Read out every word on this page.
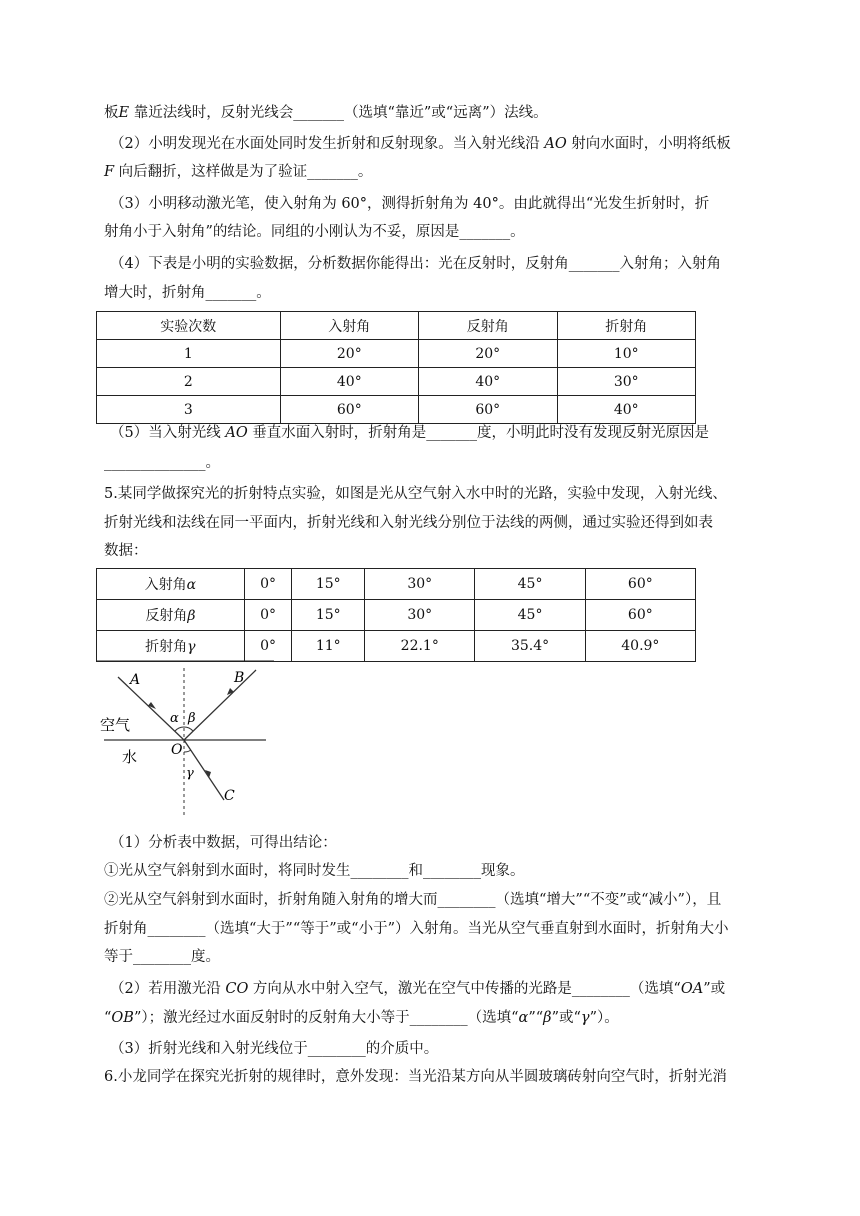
板E 靠近法线时，反射光线会_______（选填“靠近”或“远离”）法线。
（2）小明发现光在水面处同时发生折射和反射现象。当入射光线沿 AO 射向水面时，小明将纸板
F 向后翻折，这样做是为了验证_______。
（3）小明移动激光笔，使入射角为 60°，测得折射角为 40°。由此就得出“光发生折射时，折
射角小于入射角”的结论。同组的小刚认为不妥，原因是_______。
（4）下表是小明的实验数据，分析数据你能得出：光在反射时，反射角_______入射角；入射角
增大时，折射角_______。
实验次数	入射角	反射角	折射角
1	20°	20°	10°
2	40°	40°	30°
3	60°	60°	40°
（5）当入射光线 AO 垂直水面入射时，折射角是_______度，小明此时没有发现反射光原因是
______________。
5.某同学做探究光的折射特点实验，如图是光从空气射入水中时的光路，实验中发现，入射光线、
折射光线和法线在同一平面内，折射光线和入射光线分别位于法线的两侧，通过实验还得到如表
数据：
入射角α	0°	15°	30°	45°	60°
反射角β	0°	15°	30°	45°	60°
折射角γ	0°	11°	22.1°	35.4°	40.9°
A	B
C
O
α β
γ
空气
水
（1）分析表中数据，可得出结论：
①光从空气斜射到水面时，将同时发生________和________现象。
②光从空气斜射到水面时，折射角随入射角的增大而________（选填“增大”“不变”或“减小”），且
折射角________（选填“大于”“等于”或“小于”）入射角。当光从空气垂直射到水面时，折射角大小
等于________度。
（2）若用激光沿 CO 方向从水中射入空气，激光在空气中传播的光路是________（选填“OA”或
“OB”）；激光经过水面反射时的反射角大小等于________（选填“α”“β”或“γ”）。
（3）折射光线和入射光线位于________的介质中。
6.小龙同学在探究光折射的规律时，意外发现：当光沿某方向从半圆玻璃砖射向空气时，折射光消
